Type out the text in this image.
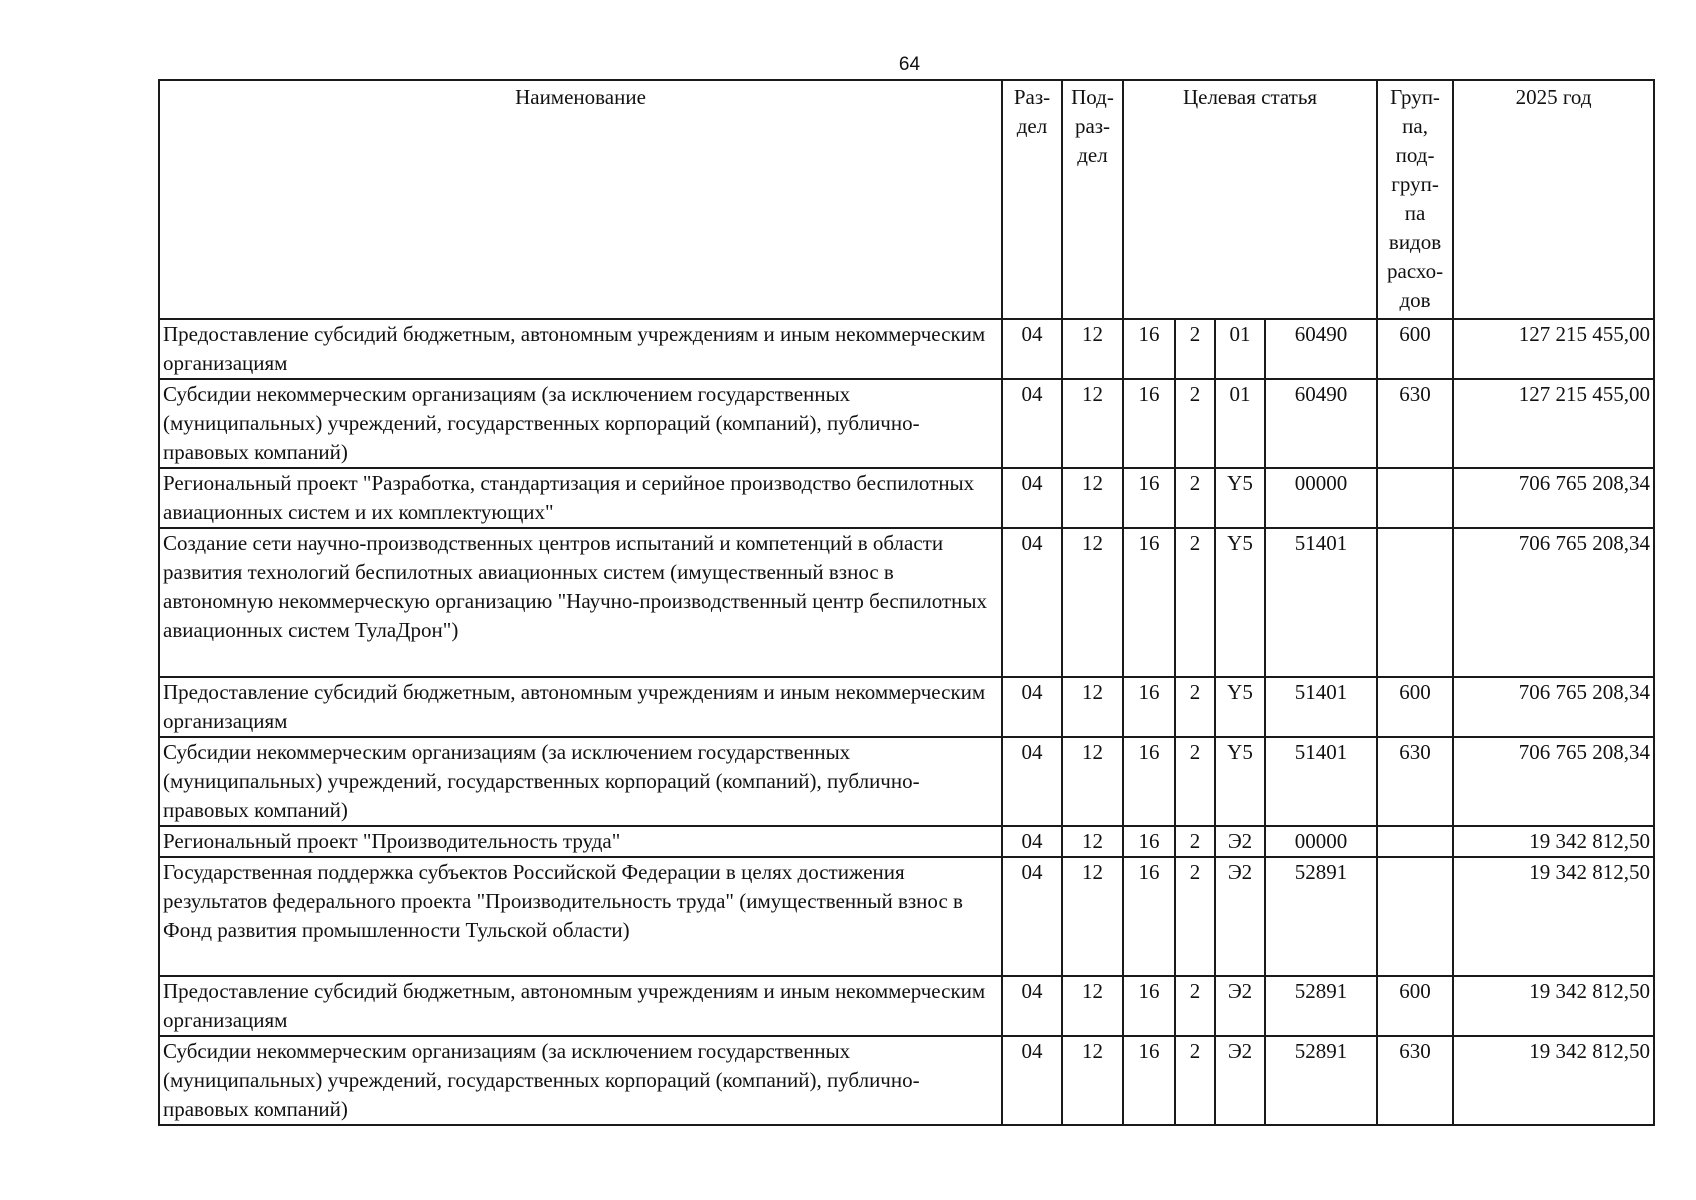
64
Наименование	Раз-дел	Под-раз-дел	Целевая статья				Груп-па, под-груп-па видов расхо-дов	2025 год
Предоставление субсидий бюджетным, автономным учреждениям и иным некоммерческим организациям	04	12	16	2	01	60490	600	127 215 455,00
Субсидии некоммерческим организациям (за исключением государственных (муниципальных) учреждений, государственных корпораций (компаний), публично-правовых компаний)	04	12	16	2	01	60490	630	127 215 455,00
Региональный проект "Разработка, стандартизация и серийное производство беспилотных авиационных систем и их комплектующих"	04	12	16	2	Y5	00000		706 765 208,34
Создание сети научно-производственных центров испытаний и компетенций в области развития технологий беспилотных авиационных систем (имущественный взнос в автономную некоммерческую организацию "Научно-производственный центр беспилотных авиационных систем ТулаДрон")	04	12	16	2	Y5	51401		706 765 208,34
Предоставление субсидий бюджетным, автономным учреждениям и иным некоммерческим организациям	04	12	16	2	Y5	51401	600	706 765 208,34
Субсидии некоммерческим организациям (за исключением государственных (муниципальных) учреждений, государственных корпораций (компаний), публично-правовых компаний)	04	12	16	2	Y5	51401	630	706 765 208,34
Региональный проект "Производительность труда"	04	12	16	2	Э2	00000		19 342 812,50
Государственная поддержка субъектов Российской Федерации в целях достижения результатов федерального проекта "Производительность труда" (имущественный взнос в Фонд развития промышленности Тульской области)	04	12	16	2	Э2	52891		19 342 812,50
Предоставление субсидий бюджетным, автономным учреждениям и иным некоммерческим организациям	04	12	16	2	Э2	52891	600	19 342 812,50
Субсидии некоммерческим организациям (за исключением государственных (муниципальных) учреждений, государственных корпораций (компаний), публично-правовых компаний)	04	12	16	2	Э2	52891	630	19 342 812,50
